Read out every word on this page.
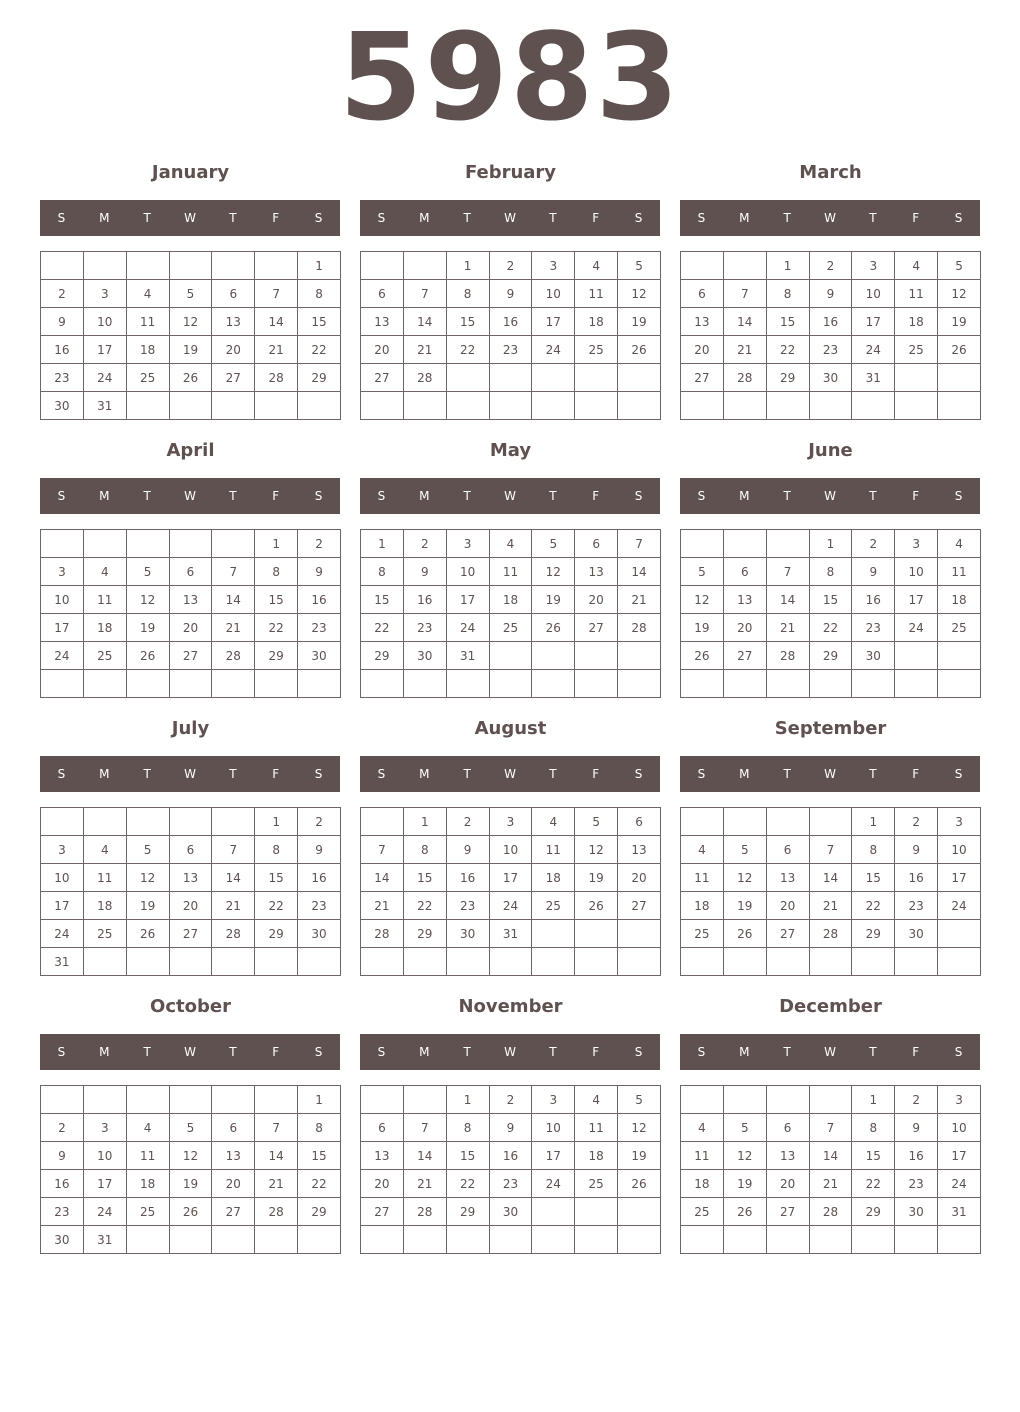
5983
January
S	M	T	W	T	F	S
						1
2	3	4	5	6	7	8
9	10	11	12	13	14	15
16	17	18	19	20	21	22
23	24	25	26	27	28	29
30	31					
February
S	M	T	W	T	F	S
		1	2	3	4	5
6	7	8	9	10	11	12
13	14	15	16	17	18	19
20	21	22	23	24	25	26
27	28					

March
S	M	T	W	T	F	S
		1	2	3	4	5
6	7	8	9	10	11	12
13	14	15	16	17	18	19
20	21	22	23	24	25	26
27	28	29	30	31		

April
S	M	T	W	T	F	S
					1	2
3	4	5	6	7	8	9
10	11	12	13	14	15	16
17	18	19	20	21	22	23
24	25	26	27	28	29	30

May
S	M	T	W	T	F	S
1	2	3	4	5	6	7
8	9	10	11	12	13	14
15	16	17	18	19	20	21
22	23	24	25	26	27	28
29	30	31				

June
S	M	T	W	T	F	S
			1	2	3	4
5	6	7	8	9	10	11
12	13	14	15	16	17	18
19	20	21	22	23	24	25
26	27	28	29	30		

July
S	M	T	W	T	F	S
					1	2
3	4	5	6	7	8	9
10	11	12	13	14	15	16
17	18	19	20	21	22	23
24	25	26	27	28	29	30
31						
August
S	M	T	W	T	F	S
	1	2	3	4	5	6
7	8	9	10	11	12	13
14	15	16	17	18	19	20
21	22	23	24	25	26	27
28	29	30	31			

September
S	M	T	W	T	F	S
				1	2	3
4	5	6	7	8	9	10
11	12	13	14	15	16	17
18	19	20	21	22	23	24
25	26	27	28	29	30	

October
S	M	T	W	T	F	S
						1
2	3	4	5	6	7	8
9	10	11	12	13	14	15
16	17	18	19	20	21	22
23	24	25	26	27	28	29
30	31					
November
S	M	T	W	T	F	S
		1	2	3	4	5
6	7	8	9	10	11	12
13	14	15	16	17	18	19
20	21	22	23	24	25	26
27	28	29	30			

December
S	M	T	W	T	F	S
				1	2	3
4	5	6	7	8	9	10
11	12	13	14	15	16	17
18	19	20	21	22	23	24
25	26	27	28	29	30	31
